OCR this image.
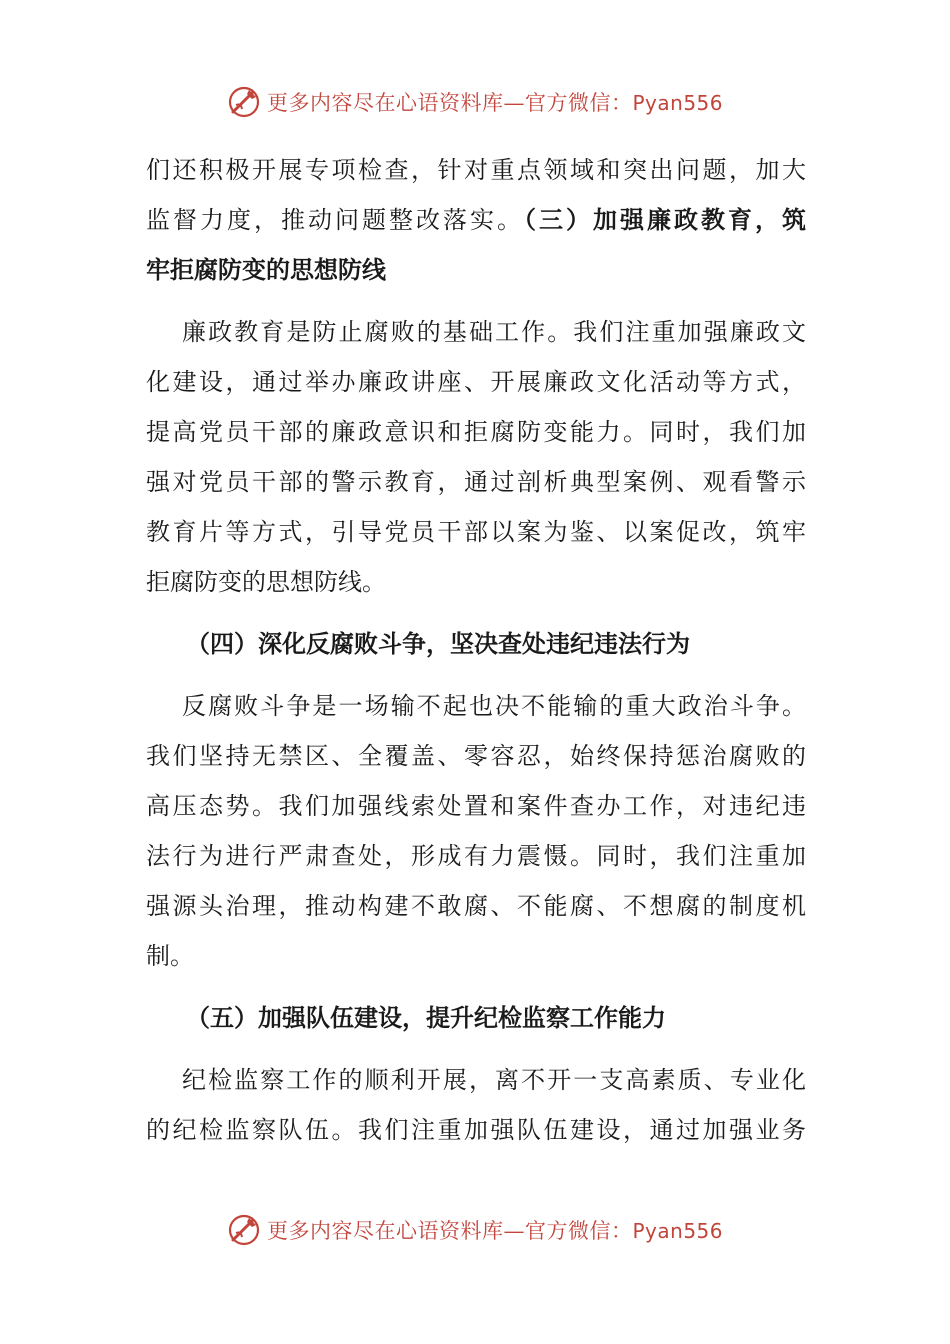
更多内容尽在心语资料库—官方微信：Pyan556
们还积极开展专项检查，针对重点领域和突出问题，加大
监督力度，推动问题整改落实。（三）加强廉政教育，筑
牢拒腐防变的思想防线
廉政教育是防止腐败的基础工作。我们注重加强廉政文
化建设，通过举办廉政讲座、开展廉政文化活动等方式，
提高党员干部的廉政意识和拒腐防变能力。同时，我们加
强对党员干部的警示教育，通过剖析典型案例、观看警示
教育片等方式，引导党员干部以案为鉴、以案促改，筑牢
拒腐防变的思想防线。
（四）深化反腐败斗争，坚决查处违纪违法行为
反腐败斗争是一场输不起也决不能输的重大政治斗争。
我们坚持无禁区、全覆盖、零容忍，始终保持惩治腐败的
高压态势。我们加强线索处置和案件查办工作，对违纪违
法行为进行严肃查处，形成有力震慑。同时，我们注重加
强源头治理，推动构建不敢腐、不能腐、不想腐的制度机
制。
（五）加强队伍建设，提升纪检监察工作能力
纪检监察工作的顺利开展，离不开一支高素质、专业化
的纪检监察队伍。我们注重加强队伍建设，通过加强业务
更多内容尽在心语资料库—官方微信：Pyan556
